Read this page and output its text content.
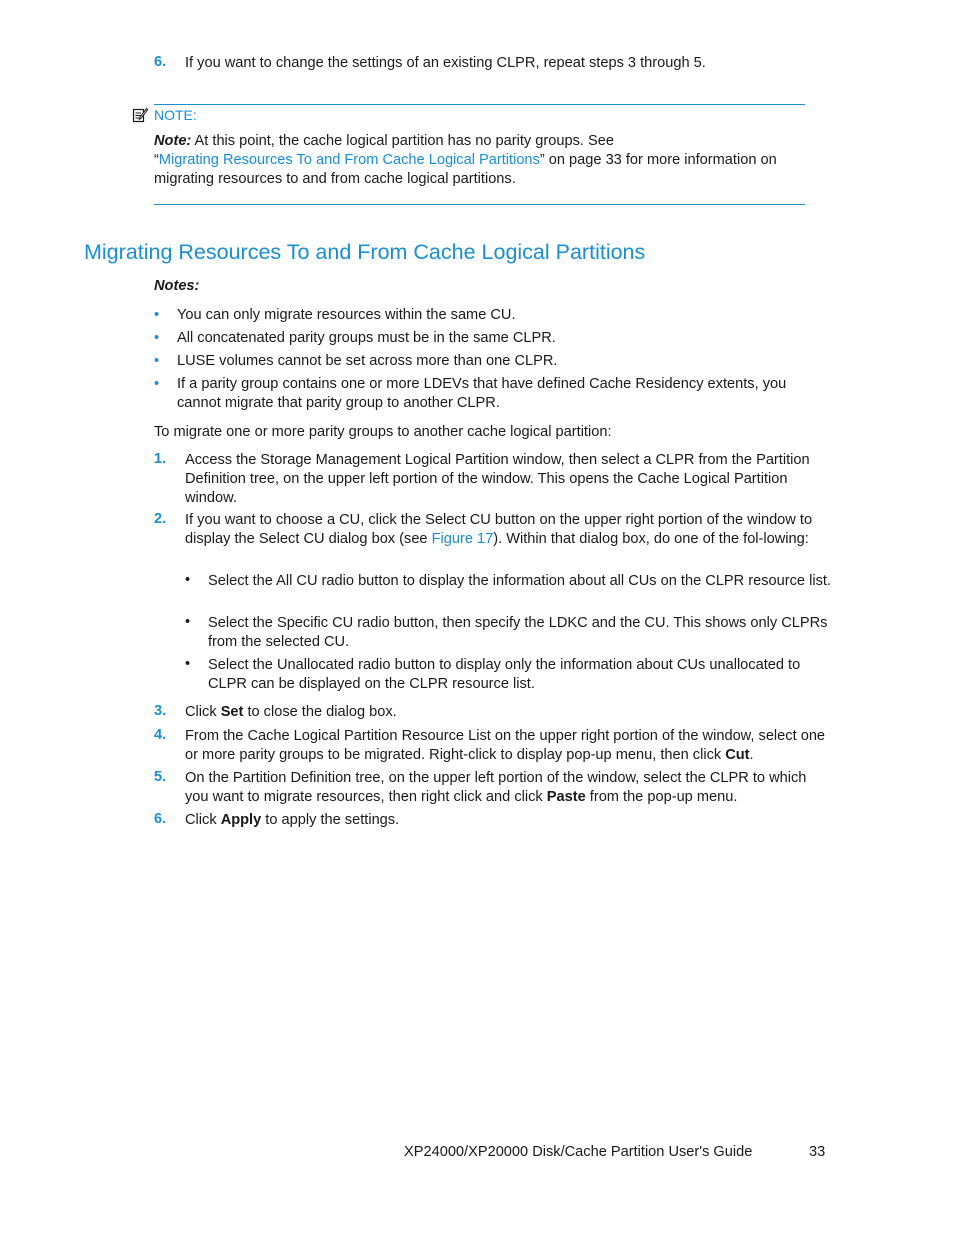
6. If you want to change the settings of an existing CLPR, repeat steps 3 through 5.
NOTE:
Note: At this point, the cache logical partition has no parity groups. See
“Migrating Resources To and From Cache Logical Partitions” on page 33 for more information on
migrating resources to and from cache logical partitions.
Migrating Resources To and From Cache Logical Partitions
Notes:
• You can only migrate resources within the same CU.
• All concatenated parity groups must be in the same CLPR.
• LUSE volumes cannot be set across more than one CLPR.
• If a parity group contains one or more LDEVs that have defined Cache Residency extents, you cannot migrate that parity group to another CLPR.
To migrate one or more parity groups to another cache logical partition:
1. Access the Storage Management Logical Partition window, then select a CLPR from the Partition Definition tree, on the upper left portion of the window. This opens the Cache Logical Partition window.
2. If you want to choose a CU, click the Select CU button on the upper right portion of the window to display the Select CU dialog box (see Figure 17). Within that dialog box, do one of the fol-lowing:
• Select the All CU radio button to display the information about all CUs on the CLPR resource list.
• Select the Specific CU radio button, then specify the LDKC and the CU. This shows only CLPRs from the selected CU.
• Select the Unallocated radio button to display only the information about CUs unallocated to CLPR can be displayed on the CLPR resource list.
3. Click Set to close the dialog box.
4. From the Cache Logical Partition Resource List on the upper right portion of the window, select one or more parity groups to be migrated. Right-click to display pop-up menu, then click Cut.
5. On the Partition Definition tree, on the upper left portion of the window, select the CLPR to which you want to migrate resources, then right click and click Paste from the pop-up menu.
6. Click Apply to apply the settings.
XP24000/XP20000 Disk/Cache Partition User's Guide	33
